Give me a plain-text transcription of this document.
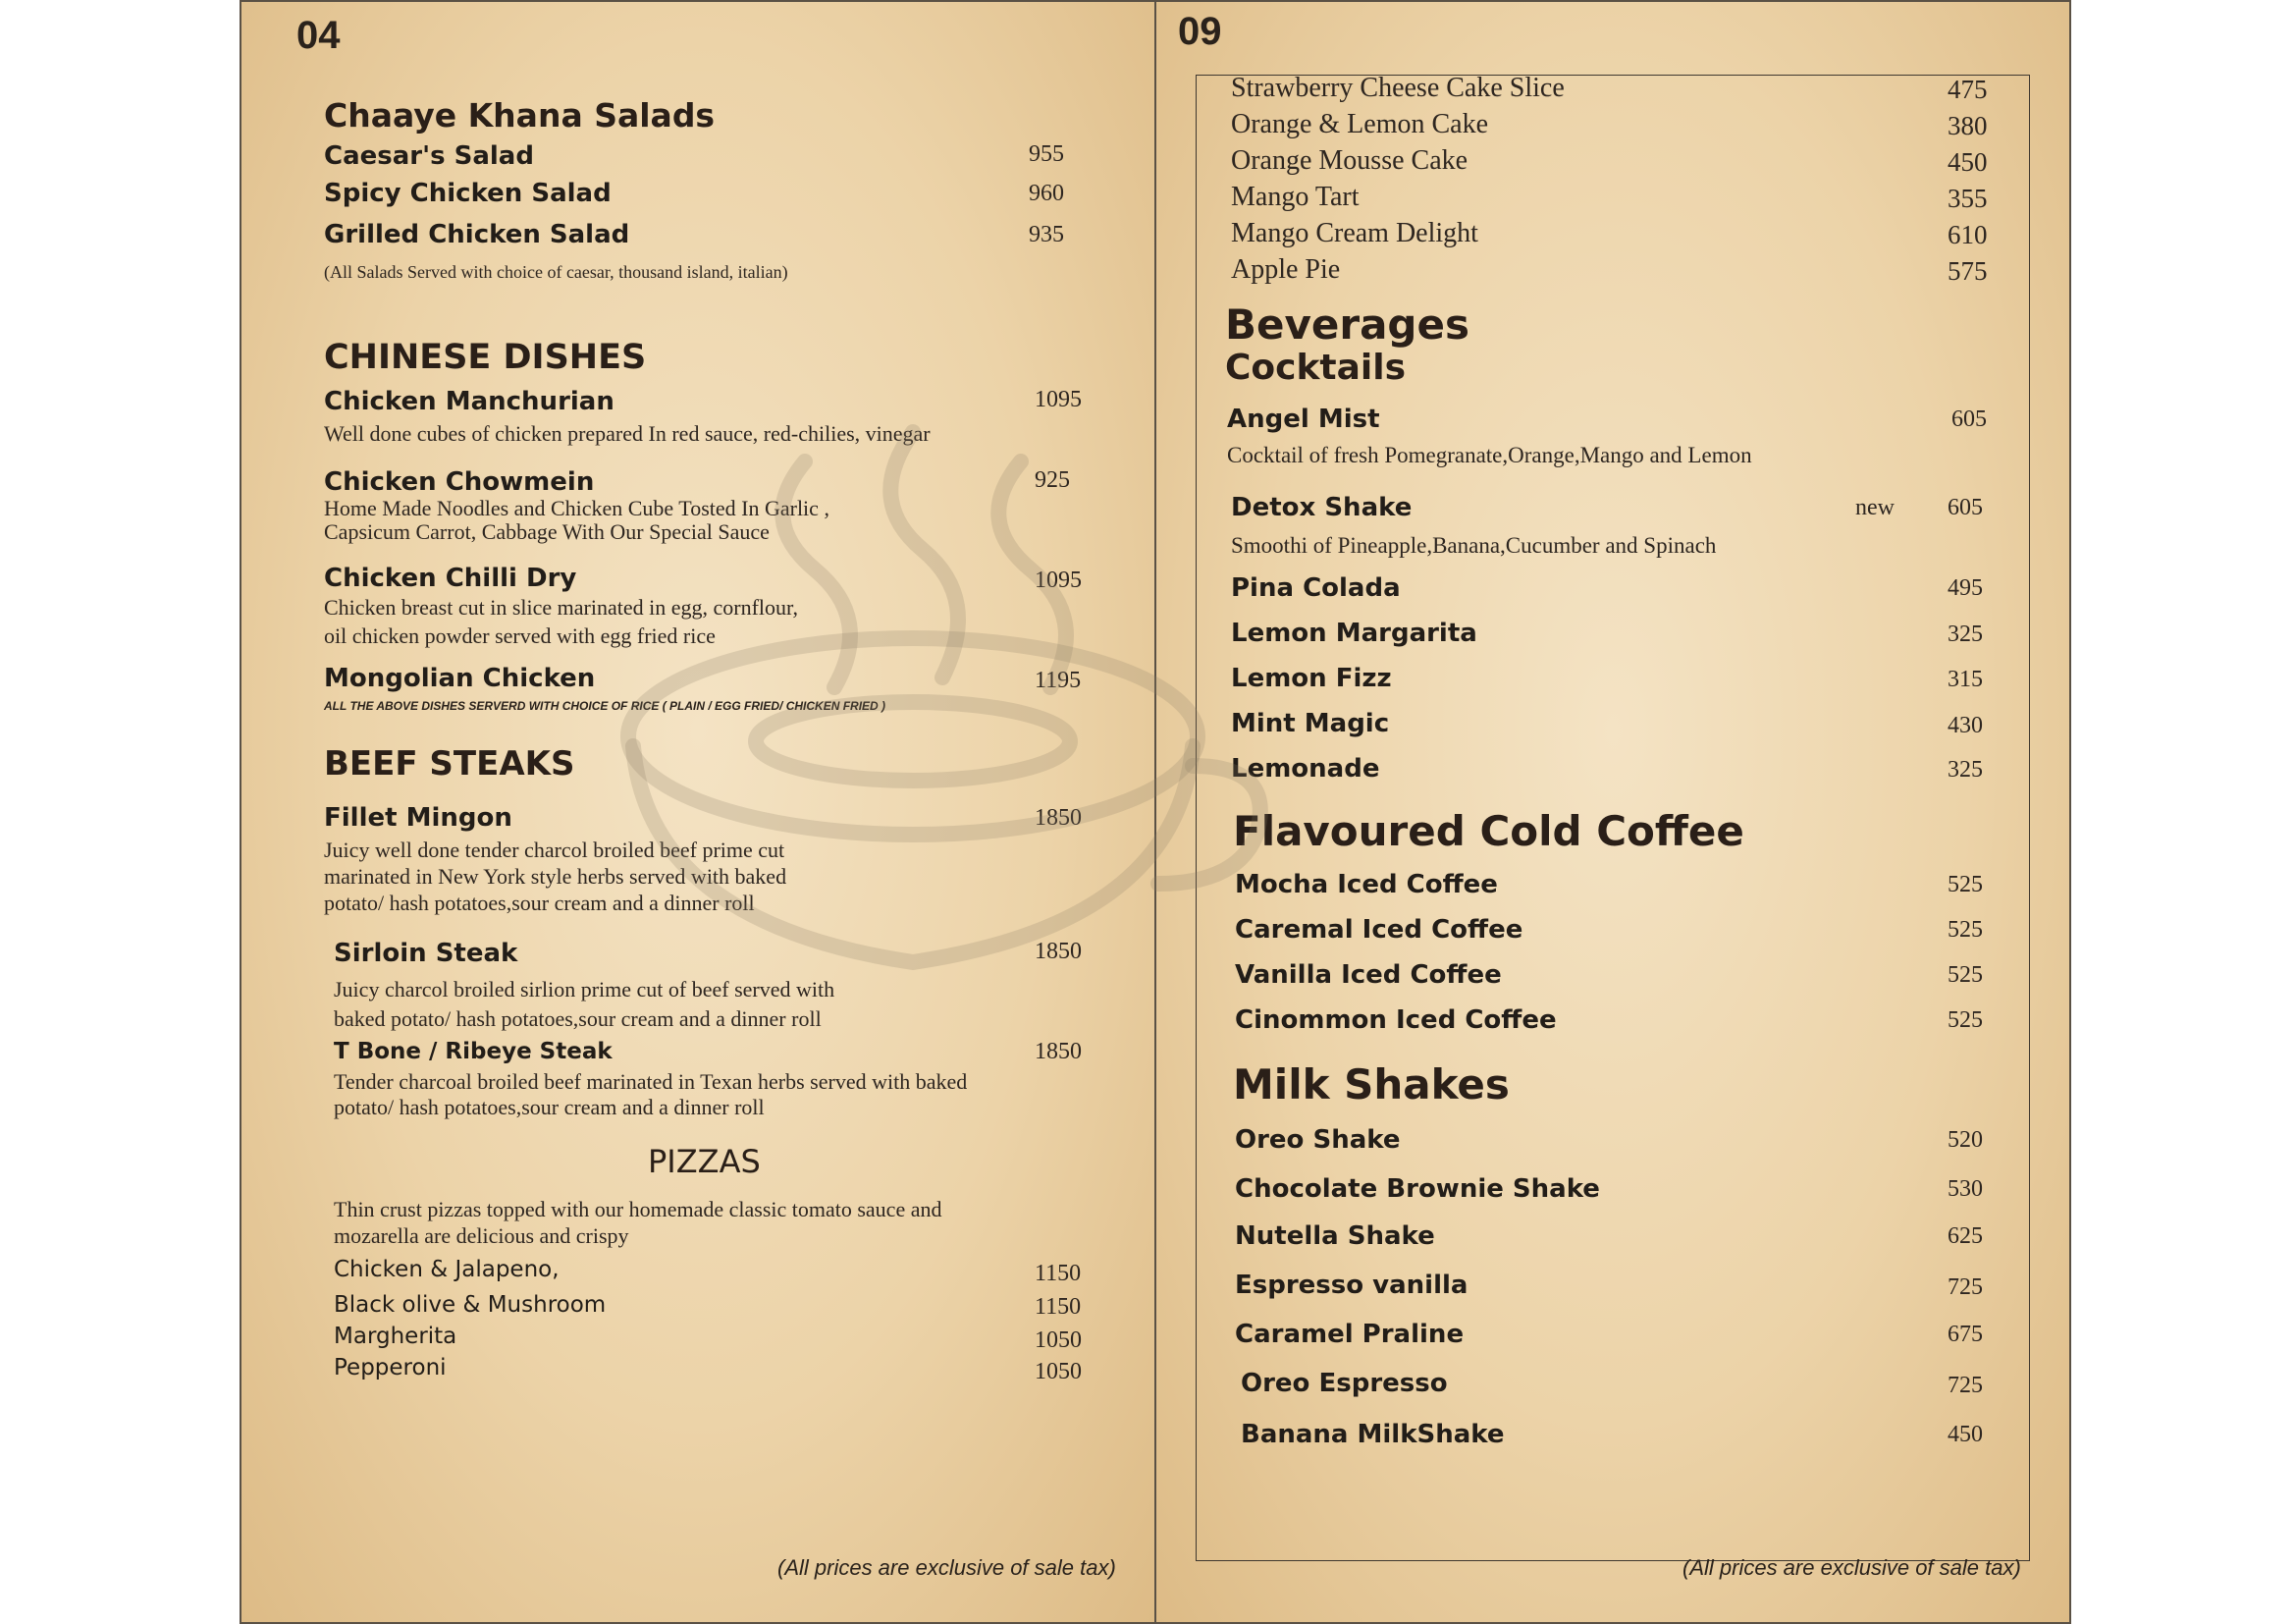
04
Chaaye Khana Salads
Caesar's Salad	955
Spicy Chicken Salad	960
Grilled Chicken Salad	935
(All Salads Served with choice of caesar, thousand island, italian)
CHINESE DISHES
Chicken Manchurian	1095
Well done cubes of chicken prepared In red sauce, red-chilies, vinegar
Chicken Chowmein	925
Home Made Noodles and Chicken Cube Tosted In Garlic ,
Capsicum Carrot, Cabbage With Our Special Sauce
Chicken Chilli Dry	1095
Chicken breast cut in slice marinated in egg, cornflour,
oil chicken powder served with egg fried rice
Mongolian Chicken	1195
ALL THE ABOVE DISHES SERVERD WITH CHOICE OF RICE ( PLAIN / EGG FRIED/ CHICKEN FRIED )
BEEF STEAKS
Fillet Mingon	1850
Juicy well done tender charcol broiled beef prime cut
marinated in New York style herbs served with baked
potato/ hash potatoes,sour cream and a dinner roll
Sirloin Steak	1850
Juicy charcol broiled sirlion prime cut of beef served with
baked potato/ hash potatoes,sour cream and a dinner roll
T Bone / Ribeye Steak	1850
Tender charcoal broiled beef marinated in Texan herbs served with baked
potato/ hash potatoes,sour cream and a dinner roll
PIZZAS
Thin crust pizzas topped with our homemade classic tomato sauce and
mozarella are delicious and crispy
Chicken & Jalapeno,	1150
Black olive & Mushroom	1150
Margherita	1050
Pepperoni	1050
(All prices are exclusive of sale tax)
09
Strawberry Cheese Cake Slice	475
Orange & Lemon Cake	380
Orange Mousse Cake	450
Mango Tart	355
Mango Cream Delight	610
Apple Pie	575
Beverages
Cocktails
Angel Mist	605
Cocktail of fresh Pomegranate,Orange,Mango and Lemon
Detox Shake	new 605
Smoothi of Pineapple,Banana,Cucumber and Spinach
Pina Colada	495
Lemon Margarita	325
Lemon Fizz	315
Mint Magic	430
Lemonade	325
Flavoured Cold Coffee
Mocha Iced Coffee	525
Caremal Iced Coffee	525
Vanilla Iced Coffee	525
Cinommon Iced Coffee	525
Milk Shakes
Oreo Shake	520
Chocolate Brownie Shake	530
Nutella Shake	625
Espresso vanilla	725
Caramel Praline	675
Oreo Espresso	725
Banana MilkShake	450
(All prices are exclusive of sale tax)
